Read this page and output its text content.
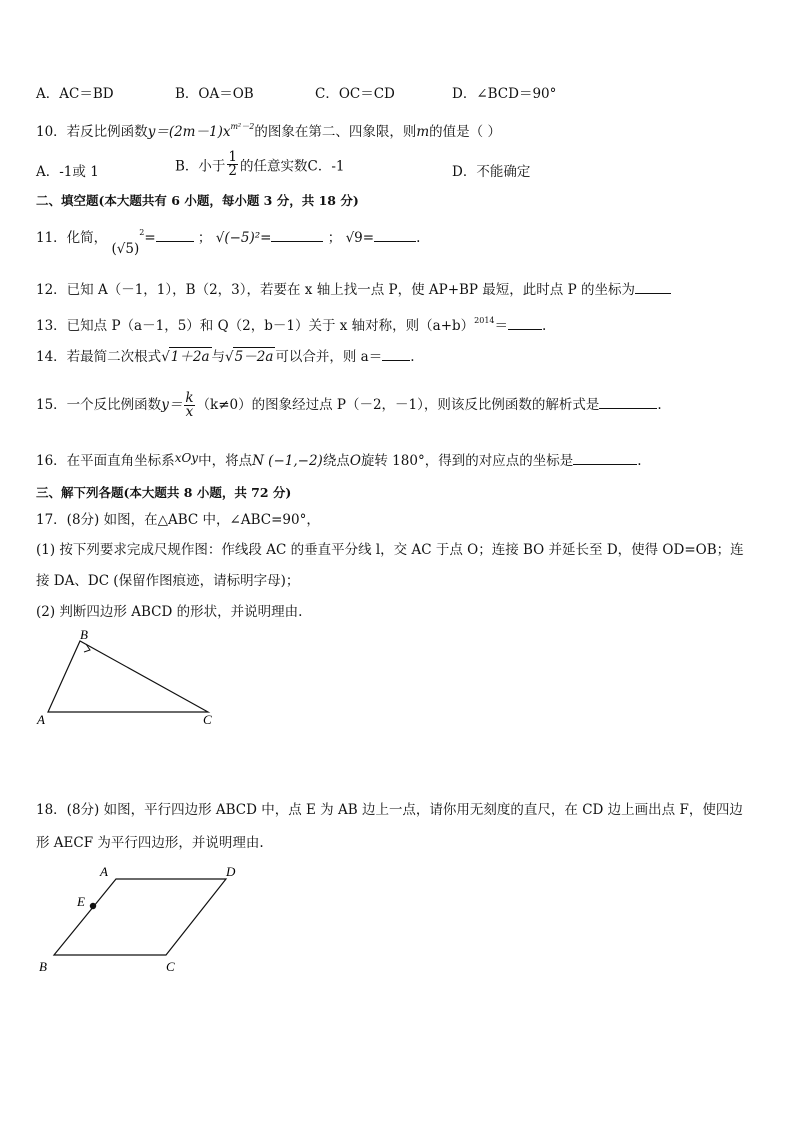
A．AC＝BD	B．OA＝OB	C．OC＝CD	D．∠BCD＝90°
10．若反比例函数$y=(2m-1)x^{m^2-2}$的图象在第二、四象限，则m的值是（ ）
A．-1或 1	B．小于 $\frac{1}{2}$ 的任意实数C．-1	D．不能确定
二、填空题(本大题共有 6 小题，每小题 3 分，共 18 分)
11．化简， $(√5)^2=$	； √(−5)²=	； √9=	.
12．已知 A（－1，1），B（2，3），若要在 x 轴上找一点 P，使 AP+BP 最短，此时点 P 的坐标为
13．已知点 P（a－1，5）和 Q（2，b－1）关于 x 轴对称，则$(a+b)^{2014}=$	.
14．若最简二次根式√1＋2a 与√5－2a 可以合并，则 a＝ .
15．一个反比例函数$y= \frac{k}{x} (k\ne 0)$的图象经过点 P（－2，－1），则该反比例函数的解析式是	.
16．在平面直角坐标系xOy中，将点N (−1,−2)绕点O旋转 180°，得到的对应点的坐标是	.
三、解下列各题(本大题共 8 小题，共 72 分)
17．(8分) 如图，在△ABC 中，∠ABC=90°，
(1) 按下列要求完成尺规作图：作线段 AC 的垂直平分线 l，交 AC 于点 O；连接 BO 并延长至 D，使得 OD=OB；连
接 DA、DC (保留作图痕迹，请标明字母)；
(2) 判断四边形 ABCD 的形状，并说明理由.
B
A	C
18．(8分) 如图，平行四边形 ABCD 中，点 E 为 AB 边上一点，请你用无刻度的直尺，在 CD 边上画出点 F，使四边
形 AECF 为平行四边形，并说明理由.
A	D
E
B	C
